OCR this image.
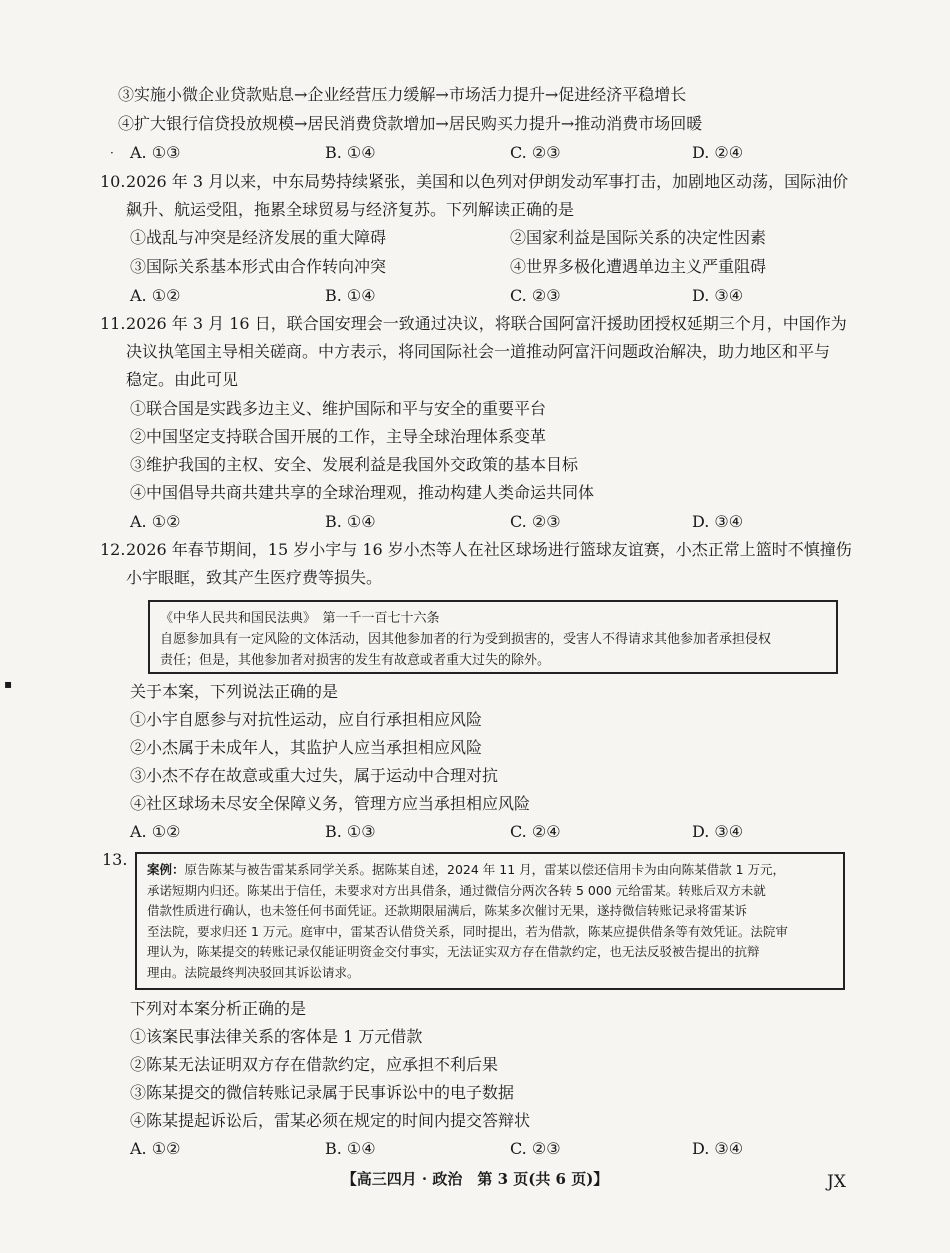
③实施小微企业贷款贴息→企业经营压力缓解→市场活力提升→促进经济平稳增长
④扩大银行信贷投放规模→居民消费贷款增加→居民购买力提升→推动消费市场回暖
· A. ①③	B. ①④	C. ②③	D. ②④
10. 2026 年 3 月以来，中东局势持续紧张，美国和以色列对伊朗发动军事打击，加剧地区动荡，国际油价
飙升、航运受阻，拖累全球贸易与经济复苏。下列解读正确的是
①战乱与冲突是经济发展的重大障碍	②国家利益是国际关系的决定性因素
③国际关系基本形式由合作转向冲突	④世界多极化遭遇单边主义严重阻碍
A. ①②	B. ①④	C. ②③	D. ③④
11. 2026 年 3 月 16 日，联合国安理会一致通过决议，将联合国阿富汗援助团授权延期三个月，中国作为
决议执笔国主导相关磋商。中方表示，将同国际社会一道推动阿富汗问题政治解决，助力地区和平与
稳定。由此可见
①联合国是实践多边主义、维护国际和平与安全的重要平台
②中国坚定支持联合国开展的工作，主导全球治理体系变革
③维护我国的主权、安全、发展利益是我国外交政策的基本目标
④中国倡导共商共建共享的全球治理观，推动构建人类命运共同体
A. ①②	B. ①④	C. ②③	D. ③④
12. 2026 年春节期间，15 岁小宇与 16 岁小杰等人在社区球场进行篮球友谊赛，小杰正常上篮时不慎撞伤
小宇眼眶，致其产生医疗费等损失。
《中华人民共和国民法典》　第一千一百七十六条
自愿参加具有一定风险的文体活动，因其他参加者的行为受到损害的，受害人不得请求其他参加者承担侵权
责任；但是，其他参加者对损害的发生有故意或者重大过失的除外。
▪	关于本案，下列说法正确的是
①小宇自愿参与对抗性运动，应自行承担相应风险
②小杰属于未成年人，其监护人应当承担相应风险
③小杰不存在故意或重大过失，属于运动中合理对抗
④社区球场未尽安全保障义务，管理方应当承担相应风险
A. ①②	B. ①③	C. ②④	D. ③④
13.
案例：原告陈某与被告雷某系同学关系。据陈某自述，2024 年 11 月，雷某以偿还信用卡为由向陈某借款 1 万元，
承诺短期内归还。陈某出于信任，未要求对方出具借条，通过微信分两次各转 5 000 元给雷某。转账后双方未就
借款性质进行确认，也未签任何书面凭证。还款期限届满后，陈某多次催讨无果，遂持微信转账记录将雷某诉
至法院，要求归还 1 万元。庭审中，雷某否认借贷关系，同时提出，若为借款，陈某应提供借条等有效凭证。法院审
理认为，陈某提交的转账记录仅能证明资金交付事实，无法证实双方存在借款约定，也无法反驳被告提出的抗辩
理由。法院最终判决驳回其诉讼请求。
下列对本案分析正确的是
①该案民事法律关系的客体是 1 万元借款
②陈某无法证明双方存在借款约定，应承担不利后果
③陈某提交的微信转账记录属于民事诉讼中的电子数据
④陈某提起诉讼后，雷某必须在规定的时间内提交答辩状
A. ①②	B. ①④	C. ②③	D. ③④
【高三四月 · 政治　第 3 页(共 6 页)】	JX
